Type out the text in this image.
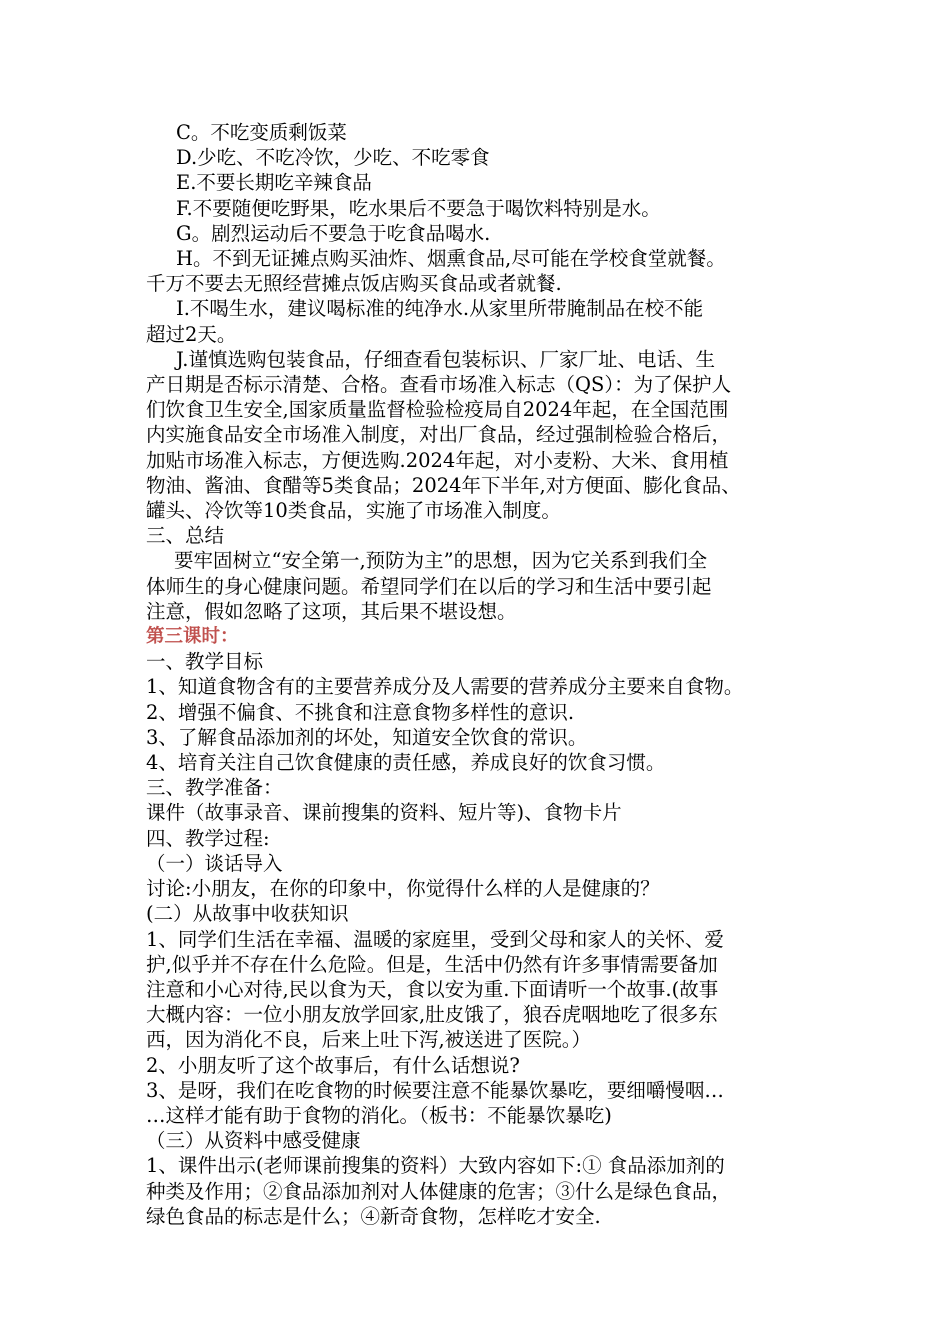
C。不吃变质剩饭菜

D.少吃、不吃冷饮，少吃、不吃零食

E.不要长期吃辛辣食品

F.不要随便吃野果，吃水果后不要急于喝饮料特别是水。

G。剧烈运动后不要急于吃食品喝水.

H。不到无证摊点购买油炸、烟熏食品,尽可能在学校食堂就餐。

千万不要去无照经营摊点饭店购买食品或者就餐.

I.不喝生水，建议喝标准的纯净水.从家里所带腌制品在校不能

超过2天。

J.谨慎选购包装食品，仔细查看包装标识、厂家厂址、电话、生

产日期是否标示清楚、合格。查看市场准入标志（QS）：为了保护人

们饮食卫生安全,国家质量监督检验检疫局自2024年起，在全国范围

内实施食品安全市场准入制度，对出厂食品，经过强制检验合格后，

加贴市场准入标志，方便选购.2024年起，对小麦粉、大米、食用植

物油、酱油、食醋等5类食品；2024年下半年,对方便面、膨化食品、

罐头、冷饮等10类食品，实施了市场准入制度。

三、总结

要牢固树立“安全第一,预防为主”的思想，因为它关系到我们全

体师生的身心健康问题。希望同学们在以后的学习和生活中要引起

注意，假如忽略了这项，其后果不堪设想。

第三课时：

一、教学目标

1、知道食物含有的主要营养成分及人需要的营养成分主要来自食物。

2、增强不偏食、不挑食和注意食物多样性的意识.

3、了解食品添加剂的坏处，知道安全饮食的常识。

4、培育关注自己饮食健康的责任感，养成良好的饮食习惯。

三、教学准备：

课件（故事录音、课前搜集的资料、短片等)、食物卡片

四、教学过程:

（一）谈话导入

讨论:小朋友，在你的印象中，你觉得什么样的人是健康的？

(二）从故事中收获知识

1、同学们生活在幸福、温暖的家庭里，受到父母和家人的关怀、爱

护,似乎并不存在什么危险。但是，生活中仍然有许多事情需要备加

注意和小心对待,民以食为天，食以安为重.下面请听一个故事.(故事

大概内容：一位小朋友放学回家,肚皮饿了，狼吞虎咽地吃了很多东

西，因为消化不良，后来上吐下泻,被送进了医院。）

2、小朋友听了这个故事后，有什么话想说?

3、是呀，我们在吃食物的时候要注意不能暴饮暴吃，要细嚼慢咽…

…这样才能有助于食物的消化。（板书：不能暴饮暴吃)

（三）从资料中感受健康

1、课件出示(老师课前搜集的资料）大致内容如下:① 食品添加剂的

种类及作用；②食品添加剂对人体健康的危害；③什么是绿色食品，

绿色食品的标志是什么；④新奇食物，怎样吃才安全.
